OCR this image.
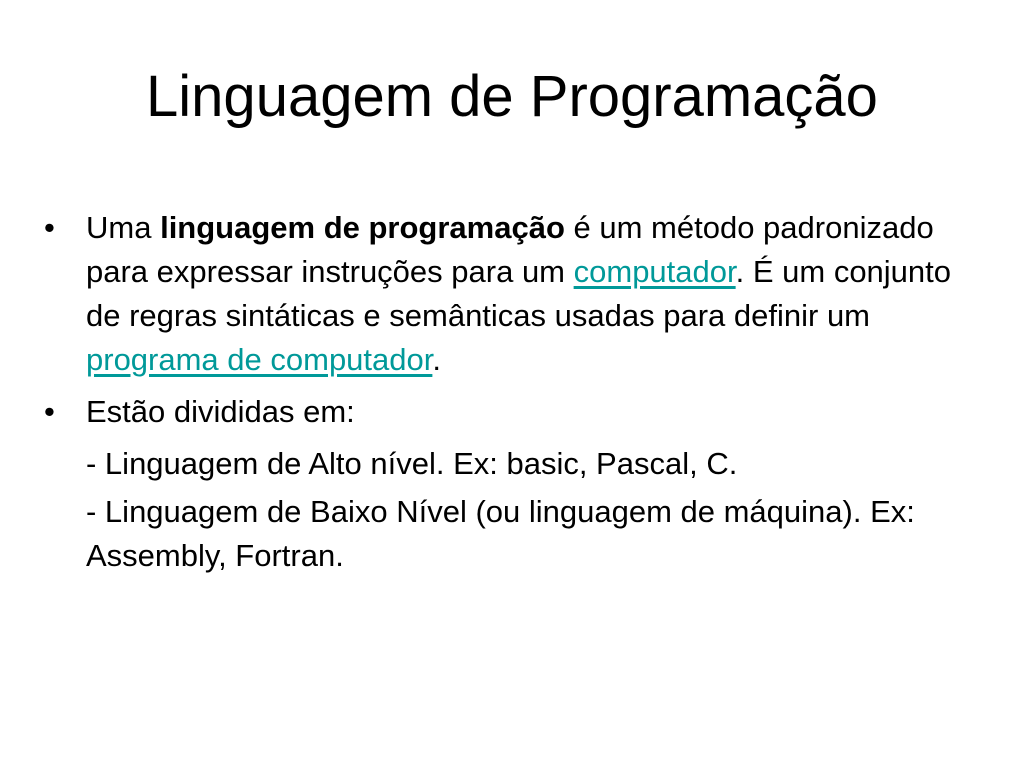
Linguagem de Programação
• Uma linguagem de programação é um método padronizado para expressar instruções para um computador. É um conjunto de regras sintáticas e semânticas usadas para definir um programa de computador.
• Estão divididas em:
- Linguagem de Alto nível. Ex: basic, Pascal, C.
- Linguagem de Baixo Nível (ou linguagem de máquina). Ex: Assembly, Fortran.
